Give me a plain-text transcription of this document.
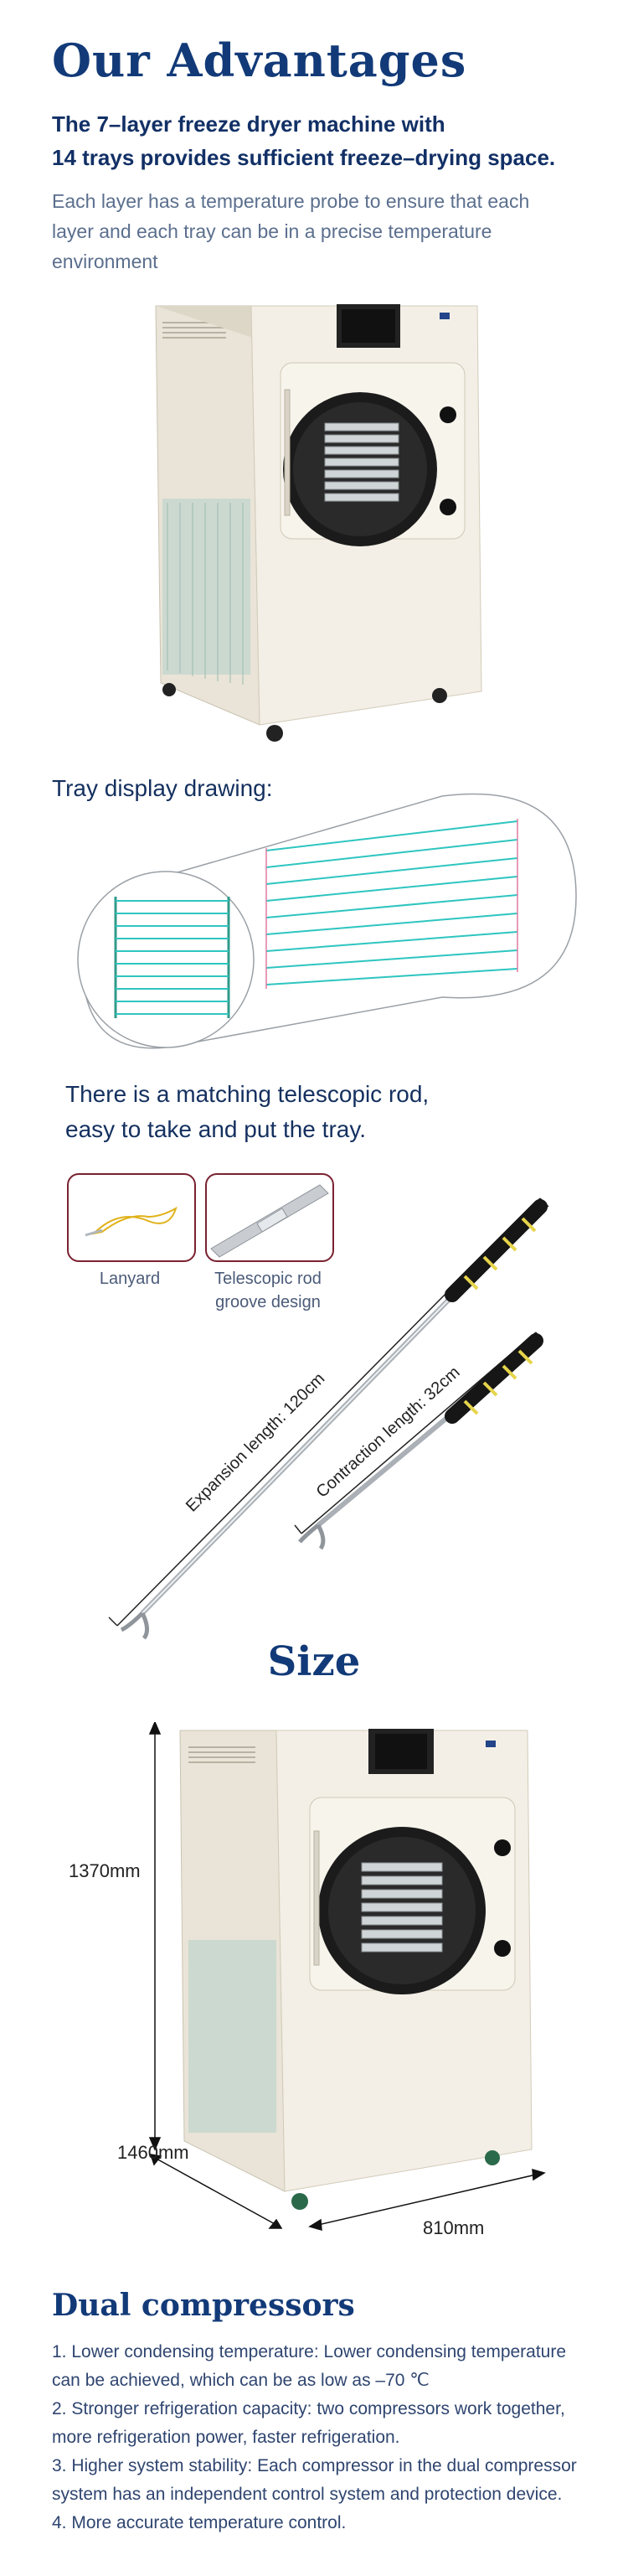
Our Advantages

The 7–layer freeze dryer machine with
14 trays provides sufficient freeze–drying space.

Each layer has a temperature probe to ensure that each layer and each tray can be in a precise temperature environment

Tray display drawing:

There is a matching telescopic rod,
easy to take and put the tray.

Lanyard	Telescopic rod
groove design
Expansion length: 120cm
Contraction length: 32cm
Size
1370mm
1460mm
810mm
Dual compressors
1. Lower condensing temperature: Lower condensing temperature can be achieved, which can be as low as –70 ℃
2. Stronger refrigeration capacity: two compressors work together, more refrigeration power, faster refrigeration.
3. Higher system stability: Each compressor in the dual compressor system has an independent control system and protection device.
4. More accurate temperature control.
